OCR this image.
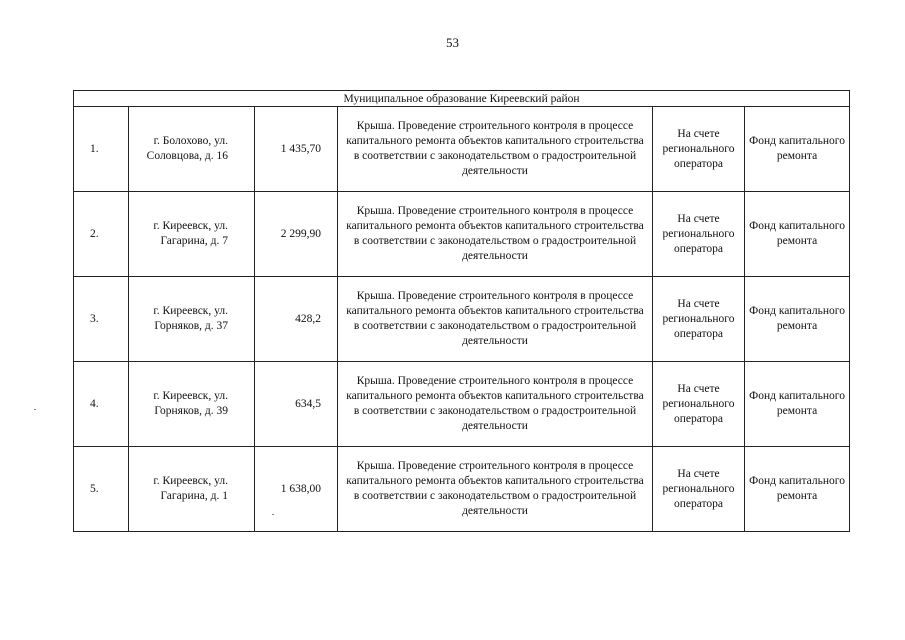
53
Муниципальное образование Киреевский район					
1.	г. Болохово, ул. Соловцова, д. 16	1 435,70	Крыша. Проведение строительного контроля в процессе капитального ремонта объектов капитального строительства в соответствии с законодательством о градостроительной деятельности	На счете регионального оператора	Фонд капитального ремонта
2.	г. Киреевск, ул. Гагарина, д. 7	2 299,90	Крыша. Проведение строительного контроля в процессе капитального ремонта объектов капитального строительства в соответствии с законодательством о градостроительной деятельности	На счете регионального оператора	Фонд капитального ремонта
3.	г. Киреевск, ул. Горняков, д. 37	428,2	Крыша. Проведение строительного контроля в процессе капитального ремонта объектов капитального строительства в соответствии с законодательством о градостроительной деятельности	На счете регионального оператора	Фонд капитального ремонта
4.	г. Киреевск, ул. Горняков, д. 39	634,5	Крыша. Проведение строительного контроля в процессе капитального ремонта объектов капитального строительства в соответствии с законодательством о градостроительной деятельности	На счете регионального оператора	Фонд капитального ремонта
5.	г. Киреевск, ул. Гагарина, д. 1	1 638,00	Крыша. Проведение строительного контроля в процессе капитального ремонта объектов капитального строительства в соответствии с законодательством о градостроительной деятельности	На счете регионального оператора	Фонд капитального ремонта
